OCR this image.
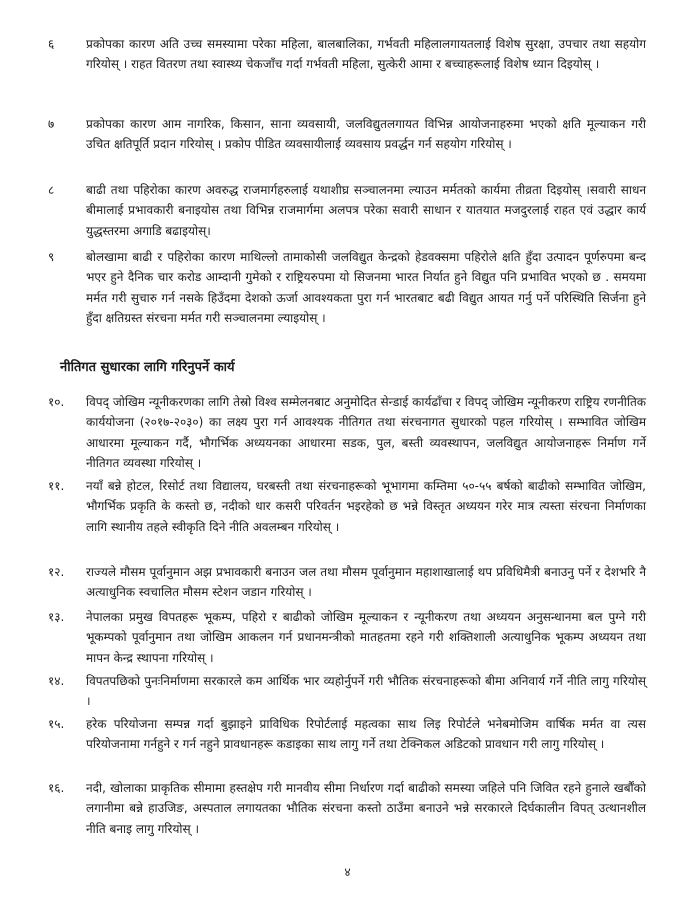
६	प्रकोपका कारण अति उच्च समस्यामा परेका महिला, बालबालिका, गर्भवती महिलालगायतलाई विशेष सुरक्षा, उपचार तथा सहयोग गरियोस् । राहत वितरण तथा स्वास्थ्य चेकजाँच गर्दा गर्भवती महिला, सुत्केरी आमा र बच्चाहरूलाई विशेष ध्यान दिइयोस् ।
७	प्रकोपका कारण आम नागरिक, किसान, साना व्यवसायी, जलविद्युतलगायत विभिन्न आयोजनाहरुमा भएको क्षति मूल्याकन गरी उचित क्षतिपूर्ति प्रदान गरियोस् । प्रकोप पीडित व्यवसायीलाई व्यवसाय प्रवर्द्धन गर्न सहयोग गरियोस् ।
८	बाढी तथा पहिरोका कारण अवरुद्ध राजमार्गहरुलाई यथाशीघ्र सञ्चालनमा ल्याउन मर्मतको कार्यमा तीव्रता दिइयोस् ।सवारी साधन बीमालाई प्रभावकारी बनाइयोस तथा विभिन्न राजमार्गमा अलपत्र परेका सवारी साधान र यातयात मजदुरलाई राहत एवं उद्धार कार्य युद्धस्तरमा अगाडि बढाइयोस्।
९	बोलखामा बाढी र पहिरोका कारण माथिल्लो तामाकोसी जलविद्युत केन्द्रको हेडवक्समा पहिरोले क्षति हुँदा उत्पादन पूर्णरुपमा बन्द भएर हुने दैनिक चार करोड आम्दानी गुमेको र राष्ट्रियरुपमा यो सिजनमा भारत निर्यात हुने विद्युत पनि प्रभावित भएको छ . समयमा मर्मत गरी सुचारु गर्न नसके हिउँदमा देशको ऊर्जा आवश्यकता पुरा गर्न भारतबाट बढी विद्युत आयत गर्नु पर्ने परिस्थिति सिर्जना हुने हुँदा क्षतिग्रस्त संरचना मर्मत गरी सञ्चालनमा ल्याइयोस् ।
नीतिगत सुधारका लागि गरिनुपर्ने कार्य
१०.	विपद् जोखिम न्यूनीकरणका लागि तेस्रो विश्व सम्मेलनबाट अनुमोदित सेन्डाई कार्यढाँचा र विपद् जोखिम न्यूनीकरण राष्ट्रिय रणनीतिक कार्ययोजना (२०१७-२०३०) का लक्ष्य पुरा गर्न आवश्यक नीतिगत तथा संरचनागत सुधारको पहल गरियोस् । सम्भावित जोखिम आधारमा मूल्याकन गर्दै, भौगर्भिक अध्ययनका आधारमा सडक, पुल, बस्ती व्यवस्थापन, जलविद्युत आयोजनाहरू निर्माण गर्ने नीतिगत व्यवस्था गरियोस् ।
११.	नयाँ बन्ने होटल, रिसोर्ट तथा विद्यालय, घरबस्ती तथा संरचनाहरूको भूभागमा कम्तिमा ५०-५५ बर्षको बाढीको सम्भावित जोखिम, भौगर्भिक प्रकृति के कस्तो छ, नदीको धार कसरी परिवर्तन भइरहेको छ भन्ने विस्तृत अध्ययन गरेर मात्र त्यस्ता संरचना निर्माणका लागि स्थानीय तहले स्वीकृति दिने नीति अवलम्बन गरियोस् ।
१२.	राज्यले मौसम पूर्वानुमान अझ प्रभावकारी बनाउन जल तथा मौसम पूर्वानुमान महाशाखालाई थप प्रविधिमैत्री बनाउनु पर्ने र देशभरि नै अत्याधुनिक स्वचालित मौसम स्टेशन जडान गरियोस् ।
१३.	नेपालका प्रमुख विपतहरू भूकम्प, पहिरो र बाढीको जोखिम मूल्याकन र न्यूनीकरण तथा अध्ययन अनुसन्धानमा बल पुग्ने गरी भूकम्पको पूर्वानुमान तथा जोखिम आकलन गर्न प्रधानमन्त्रीको मातहतमा रहने गरी शक्तिशाली अत्याधुनिक भूकम्प अध्ययन तथा मापन केन्द्र स्थापना गरियोस् ।
१४.	विपतपछिको पुनःनिर्माणमा सरकारले कम आर्थिक भार व्यहोर्नुपर्ने गरी भौतिक संरचनाहरूको बीमा अनिवार्य गर्ने नीति लागु गरियोस् ।
१५.	हरेक परियोजना सम्पन्न गर्दा बुझाइने प्राविधिक रिपोर्टलाई महत्वका साथ लिइ रिपोर्टले भनेबमोजिम वार्षिक मर्मत वा त्यस परियोजनामा गर्नहुने र गर्न नहुने प्रावधानहरू कडाइका साथ लागु गर्ने तथा टेक्निकल अडिटको प्रावधान गरी लागु गरियोस् ।
१६.	नदी, खोलाका प्राकृतिक सीमामा हस्तक्षेप गरी मानवीय सीमा निर्धारण गर्दा बाढीको समस्या जहिले पनि जिवित रहने हुनाले खर्बौंको लगानीमा बन्ने हाउजिङ, अस्पताल लगायतका भौतिक संरचना कस्तो ठाउँमा बनाउने भन्ने सरकारले दिर्घकालीन विपत् उत्थानशील नीति बनाइ लागु गरियोस् ।
४
